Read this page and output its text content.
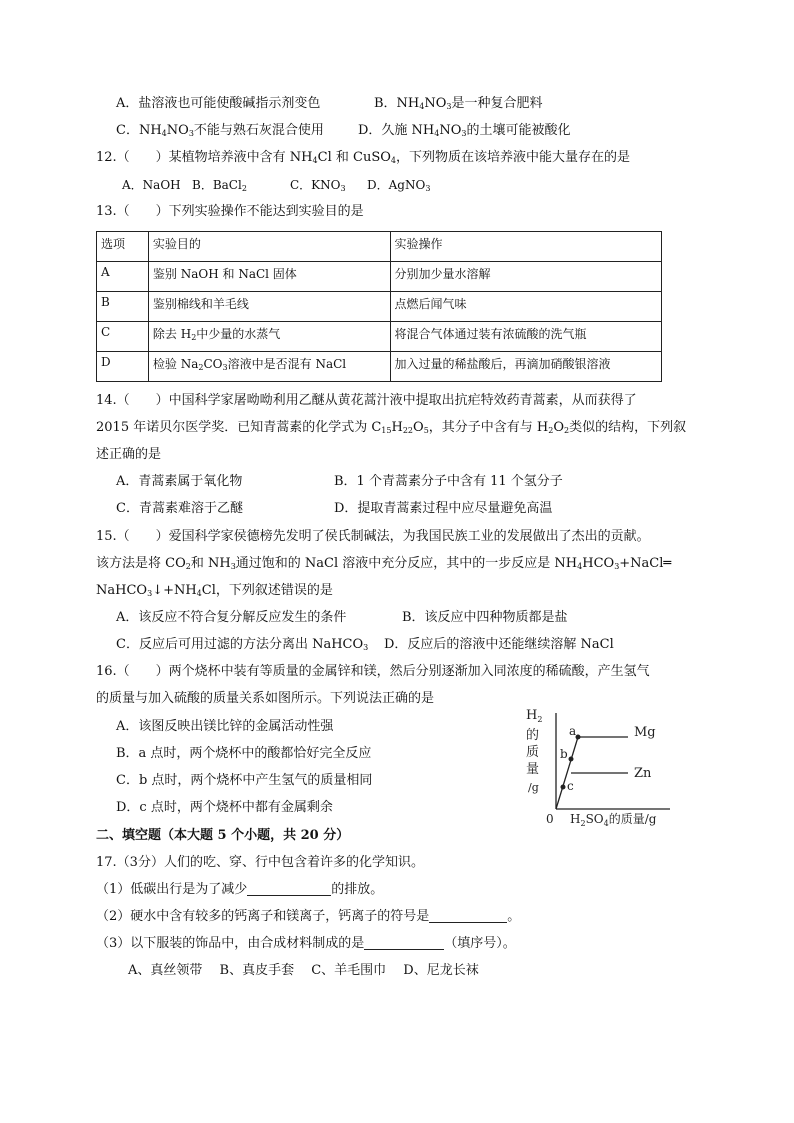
A．盐溶液也可能使酸碱指示剂变色	B．$NH_4NO_3$是一种复合肥料
C．$NH_4NO_3$不能与熟石灰混合使用	D．久施 $NH_4NO_3$的土壤可能被酸化
12.（　　）某植物培养液中含有 $NH_4Cl$ 和 CuSO$_4$，下列物质在该培养液中能大量存在的是
A．NaOH B．BaCl$_2$	C．$KNO_3$ D．AgNO$_3$
13.（　　）下列实验操作不能达到实验目的是
选项	实验目的	实验操作
A	鉴别 NaOH 和 NaCl 固体	分别加少量水溶解
B	鉴别棉线和羊毛线	点燃后闻气味
C	除去 $H_2$中少量的水蒸气	将混合气体通过装有浓硫酸的洗气瓶
D	检验 $Na_2CO_3$溶液中是否混有 NaCl	加入过量的稀盐酸后，再滴加硝酸银溶液
14.（　　）中国科学家屠呦呦利用乙醚从黄花蒿汁液中提取出抗疟特效药青蒿素，从而获得了
2015 年诺贝尔医学奖．已知青蒿素的化学式为 $C_{15}H_{22}O_5$，其分子中含有与 $H_2O_2$类似的结构，下列叙
述正确的是
A．青蒿素属于氧化物	B．1 个青蒿素分子中含有 11 个氢分子
C．青蒿素难溶于乙醚	D．提取青蒿素过程中应尽量避免高温
15.（　　）爱国科学家侯德榜先发明了侯氏制碱法，为我国民族工业的发展做出了杰出的贡献。
该方法是将 $CO_2$和 $NH_3$通过饱和的 NaCl 溶液中充分反应，其中的一步反应是 $NH_4HCO_3+NaCl═$
$NaHCO_3↓+NH_4Cl$，下列叙述错误的是
A．该反应不符合复分解反应发生的条件	B．该反应中四种物质都是盐
C．反应后可用过滤的方法分离出 NaHCO$_3$ D．反应后的溶液中还能继续溶解 NaCl
16.（　　）两个烧杯中装有等质量的金属锌和镁，然后分别逐渐加入同浓度的稀硫酸，产生氢气
的质量与加入硫酸的质量关系如图所示。下列说法正确的是
A．该图反映出镁比锌的金属活动性强
B．a 点时，两个烧杯中的酸都恰好完全反应
C．b 点时，两个烧杯中产生氢气的质量相同
D．c 点时，两个烧杯中都有金属剩余
$H_2$
的
质
量
/g
a
b
c
Mg
Zn
0 $H_2SO_4$的质量/g
二、填空题（本大题 5 个小题，共 20 分）
17.（3分）人们的吃、穿、行中包含着许多的化学知识。
（1）低碳出行是为了减少	的排放。
（2）硬水中含有较多的钙离子和镁离子，钙离子的符号是	。
（3）以下服装的饰品中，由合成材料制成的是	（填序号）。
A、真丝领带　 B、真皮手套　 C、羊毛围巾　 D、尼龙长袜
